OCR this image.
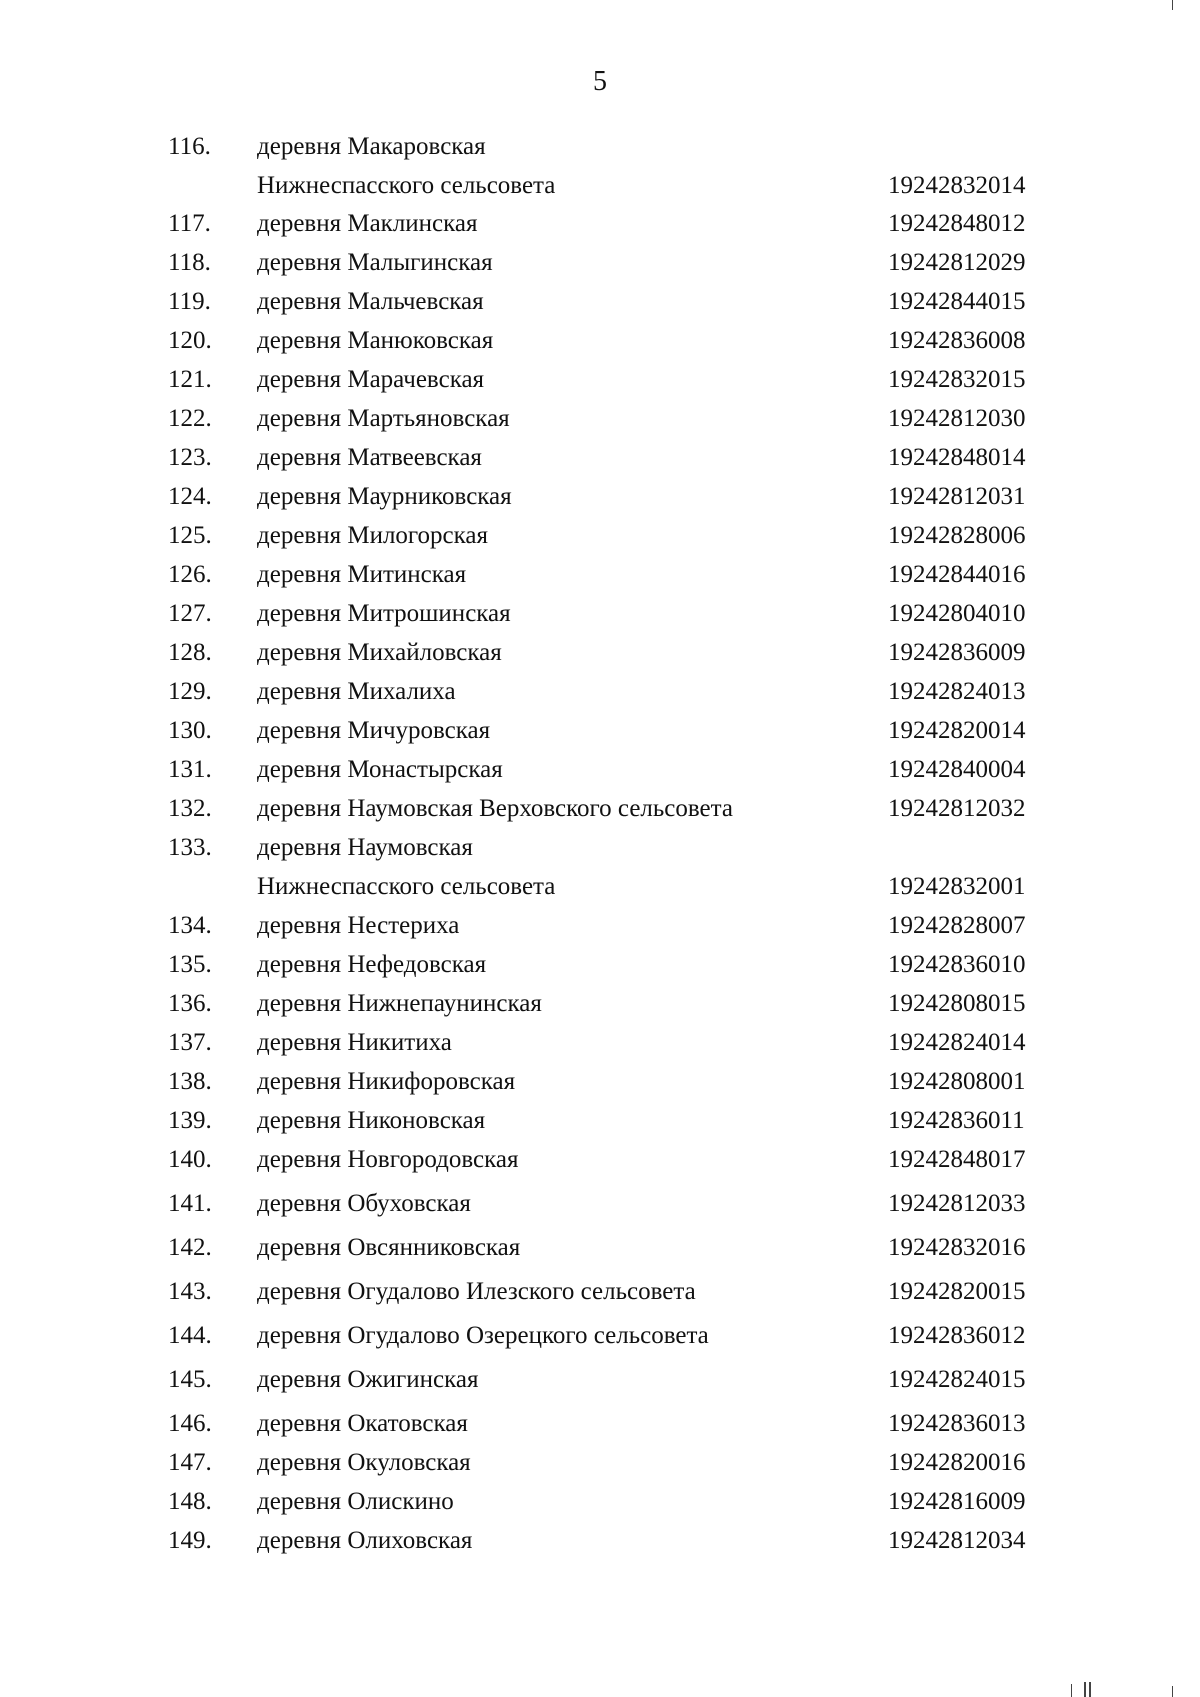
5
116. деревня Макаровская
Нижнеспасского сельсовета	19242832014
117. деревня Маклинская	19242848012
118. деревня Малыгинская	19242812029
119. деревня Мальчевская	19242844015
120. деревня Манюковская	19242836008
121. деревня Марачевская	19242832015
122. деревня Мартьяновская	19242812030
123. деревня Матвеевская	19242848014
124. деревня Маурниковская	19242812031
125. деревня Милогорская	19242828006
126. деревня Митинская	19242844016
127. деревня Митрошинская	19242804010
128. деревня Михайловская	19242836009
129. деревня Михалиха	19242824013
130. деревня Мичуровская	19242820014
131. деревня Монастырская	19242840004
132. деревня Наумовская Верховского сельсовета	19242812032
133. деревня Наумовская
Нижнеспасского сельсовета	19242832001
134. деревня Нестериха	19242828007
135. деревня Нефедовская	19242836010
136. деревня Нижнепаунинская	19242808015
137. деревня Никитиха	19242824014
138. деревня Никифоровская	19242808001
139. деревня Никоновская	19242836011
140. деревня Новгородовская	19242848017
141. деревня Обуховская	19242812033
142. деревня Овсянниковская	19242832016
143. деревня Огудалово Илезского сельсовета	19242820015
144. деревня Огудалово Озерецкого сельсовета	19242836012
145. деревня Ожигинская	19242824015
146. деревня Окатовская	19242836013
147. деревня Окуловская	19242820016
148. деревня Олискино	19242816009
149. деревня Олиховская	19242812034
